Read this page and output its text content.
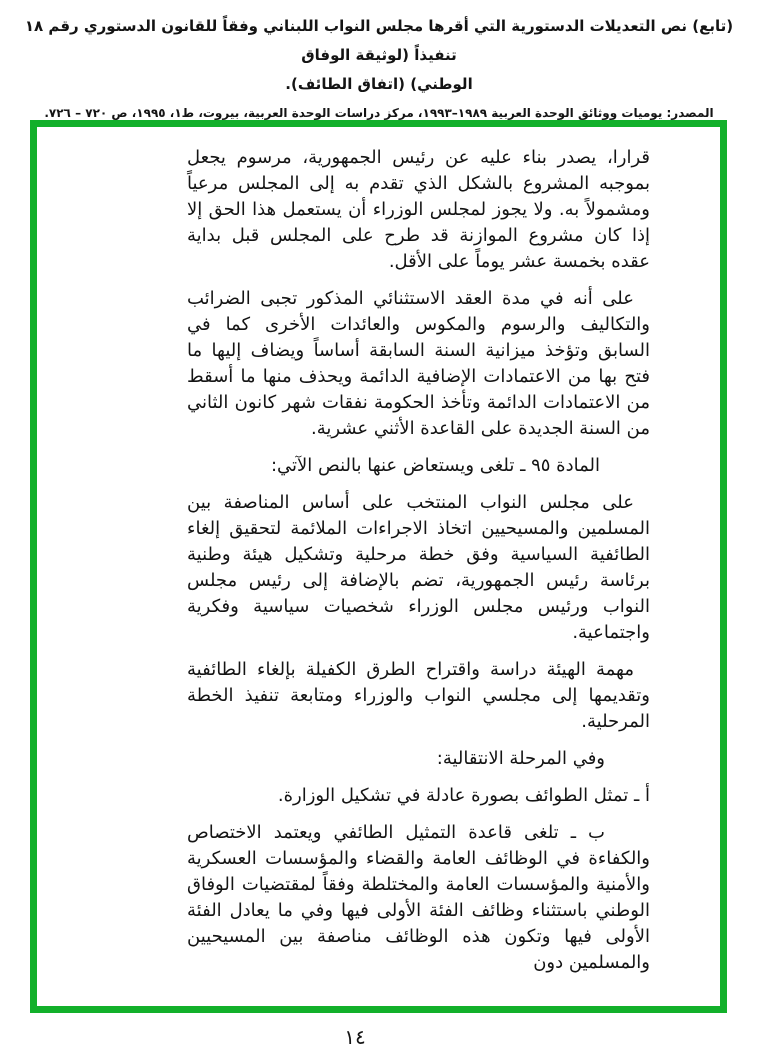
(تابع) نص التعديلات الدستورية التي أقرها مجلس النواب اللبناني وفقاً للقانون الدستوري رقم ١٨ تنفيذاً (لوثيقة الوفاق
الوطني) (اتفاق الطائف).
المصدر: يوميات ووثائق الوحدة العربية ١٩٨٩–١٩٩٣، مركز دراسات الوحدة العربية، بيروت، ط١، ١٩٩٥، ص ٧٢٠ – ٧٢٦.

قرارا، يصدر بناء عليه عن رئيس الجمهورية، مرسوم يجعل بموجبه المشروع بالشكل الذي تقدم به إلى المجلس مرعياً ومشمولاً به. ولا يجوز لمجلس الوزراء أن يستعمل هذا الحق إلا إذا كان مشروع الموازنة قد طرح على المجلس قبل بداية عقده بخمسة عشر يوماً على الأقل.

على أنه في مدة العقد الاستثنائي المذكور تجبى الضرائب والتكاليف والرسوم والمكوس والعائدات الأخرى كما في السابق وتؤخذ ميزانية السنة السابقة أساساً ويضاف إليها ما فتح بها من الاعتمادات الإضافية الدائمة ويحذف منها ما أسقط من الاعتمادات الدائمة وتأخذ الحكومة نفقات شهر كانون الثاني من السنة الجديدة على القاعدة الأثني عشرية.

المادة ٩٥ ـ تلغى ويستعاض عنها بالنص الآتي:

على مجلس النواب المنتخب على أساس المناصفة بين المسلمين والمسيحيين اتخاذ الاجراءات الملائمة لتحقيق إلغاء الطائفية السياسية وفق خطة مرحلية وتشكيل هيئة وطنية برئاسة رئيس الجمهورية، تضم بالإضافة إلى رئيس مجلس النواب ورئيس مجلس الوزراء شخصيات سياسية وفكرية واجتماعية.

مهمة الهيئة دراسة واقتراح الطرق الكفيلة بإلغاء الطائفية وتقديمها إلى مجلسي النواب والوزراء ومتابعة تنفيذ الخطة المرحلية.

وفي المرحلة الانتقالية:

أ ـ تمثل الطوائف بصورة عادلة في تشكيل الوزارة.

ب ـ تلغى قاعدة التمثيل الطائفي ويعتمد الاختصاص والكفاءة في الوظائف العامة والقضاء والمؤسسات العسكرية والأمنية والمؤسسات العامة والمختلطة وفقاً لمقتضيات الوفاق الوطني باستثناء وظائف الفئة الأولى فيها وفي ما يعادل الفئة الأولى فيها وتكون هذه الوظائف مناصفة بين المسيحيين والمسلمين دون

١٤
